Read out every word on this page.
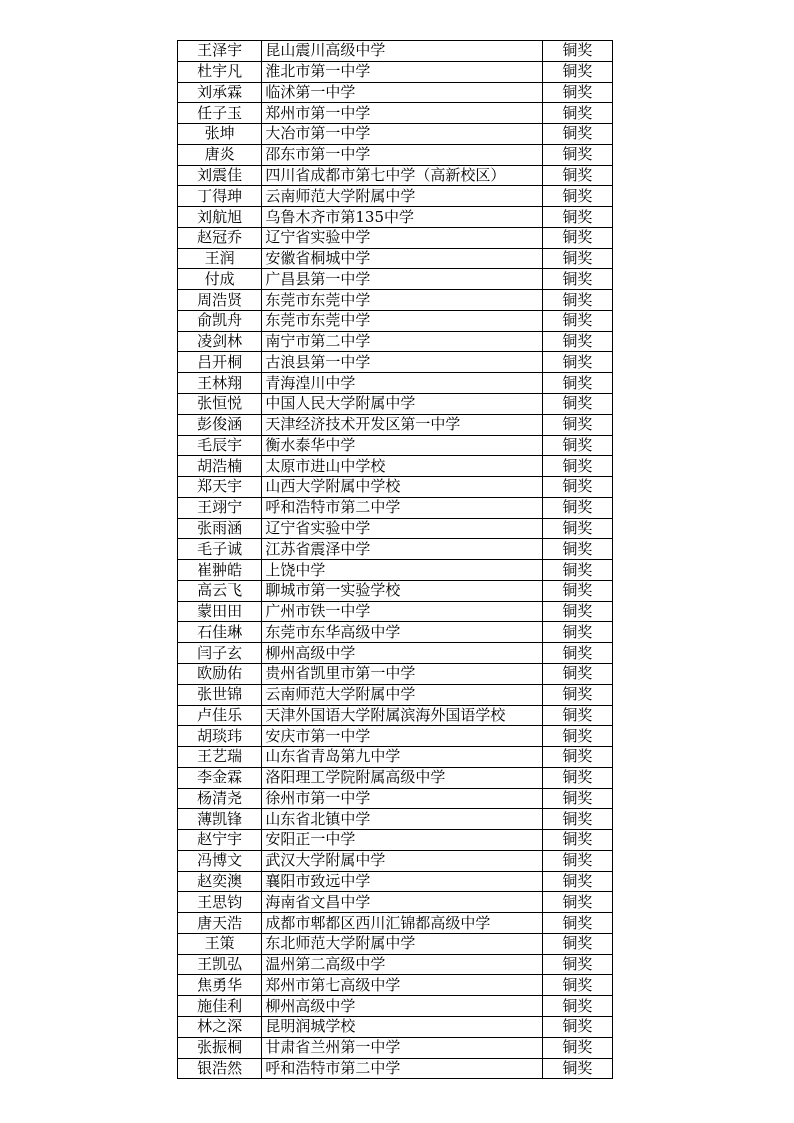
王泽宇	昆山震川高级中学	铜奖
杜宇凡	淮北市第一中学	铜奖
刘承霖	临沭第一中学	铜奖
任子玉	郑州市第一中学	铜奖
张坤	大冶市第一中学	铜奖
唐炎	邵东市第一中学	铜奖
刘震佳	四川省成都市第七中学（高新校区）	铜奖
丁得珅	云南师范大学附属中学	铜奖
刘航旭	乌鲁木齐市第135中学	铜奖
赵冠乔	辽宁省实验中学	铜奖
王润	安徽省桐城中学	铜奖
付成	广昌县第一中学	铜奖
周浩贤	东莞市东莞中学	铜奖
俞凯舟	东莞市东莞中学	铜奖
凌剑林	南宁市第二中学	铜奖
吕开桐	古浪县第一中学	铜奖
王林翔	青海湟川中学	铜奖
张恒悦	中国人民大学附属中学	铜奖
彭俊涵	天津经济技术开发区第一中学	铜奖
毛辰宇	衡水泰华中学	铜奖
胡浩楠	太原市进山中学校	铜奖
郑天宇	山西大学附属中学校	铜奖
王翊宁	呼和浩特市第二中学	铜奖
张雨涵	辽宁省实验中学	铜奖
毛子诚	江苏省震泽中学	铜奖
崔翀皓	上饶中学	铜奖
高云飞	聊城市第一实验学校	铜奖
蒙田田	广州市铁一中学	铜奖
石佳琳	东莞市东华高级中学	铜奖
闫子玄	柳州高级中学	铜奖
欧励佑	贵州省凯里市第一中学	铜奖
张世锦	云南师范大学附属中学	铜奖
卢佳乐	天津外国语大学附属滨海外国语学校	铜奖
胡琰玮	安庆市第一中学	铜奖
王艺瑞	山东省青岛第九中学	铜奖
李金霖	洛阳理工学院附属高级中学	铜奖
杨清尧	徐州市第一中学	铜奖
薄凯锋	山东省北镇中学	铜奖
赵宁宇	安阳正一中学	铜奖
冯博文	武汉大学附属中学	铜奖
赵奕澳	襄阳市致远中学	铜奖
王思钧	海南省文昌中学	铜奖
唐天浩	成都市郫都区西川汇锦都高级中学	铜奖
王策	东北师范大学附属中学	铜奖
王凯弘	温州第二高级中学	铜奖
焦勇华	郑州市第七高级中学	铜奖
施佳利	柳州高级中学	铜奖
林之深	昆明润城学校	铜奖
张振桐	甘肃省兰州第一中学	铜奖
银浩然	呼和浩特市第二中学	铜奖
